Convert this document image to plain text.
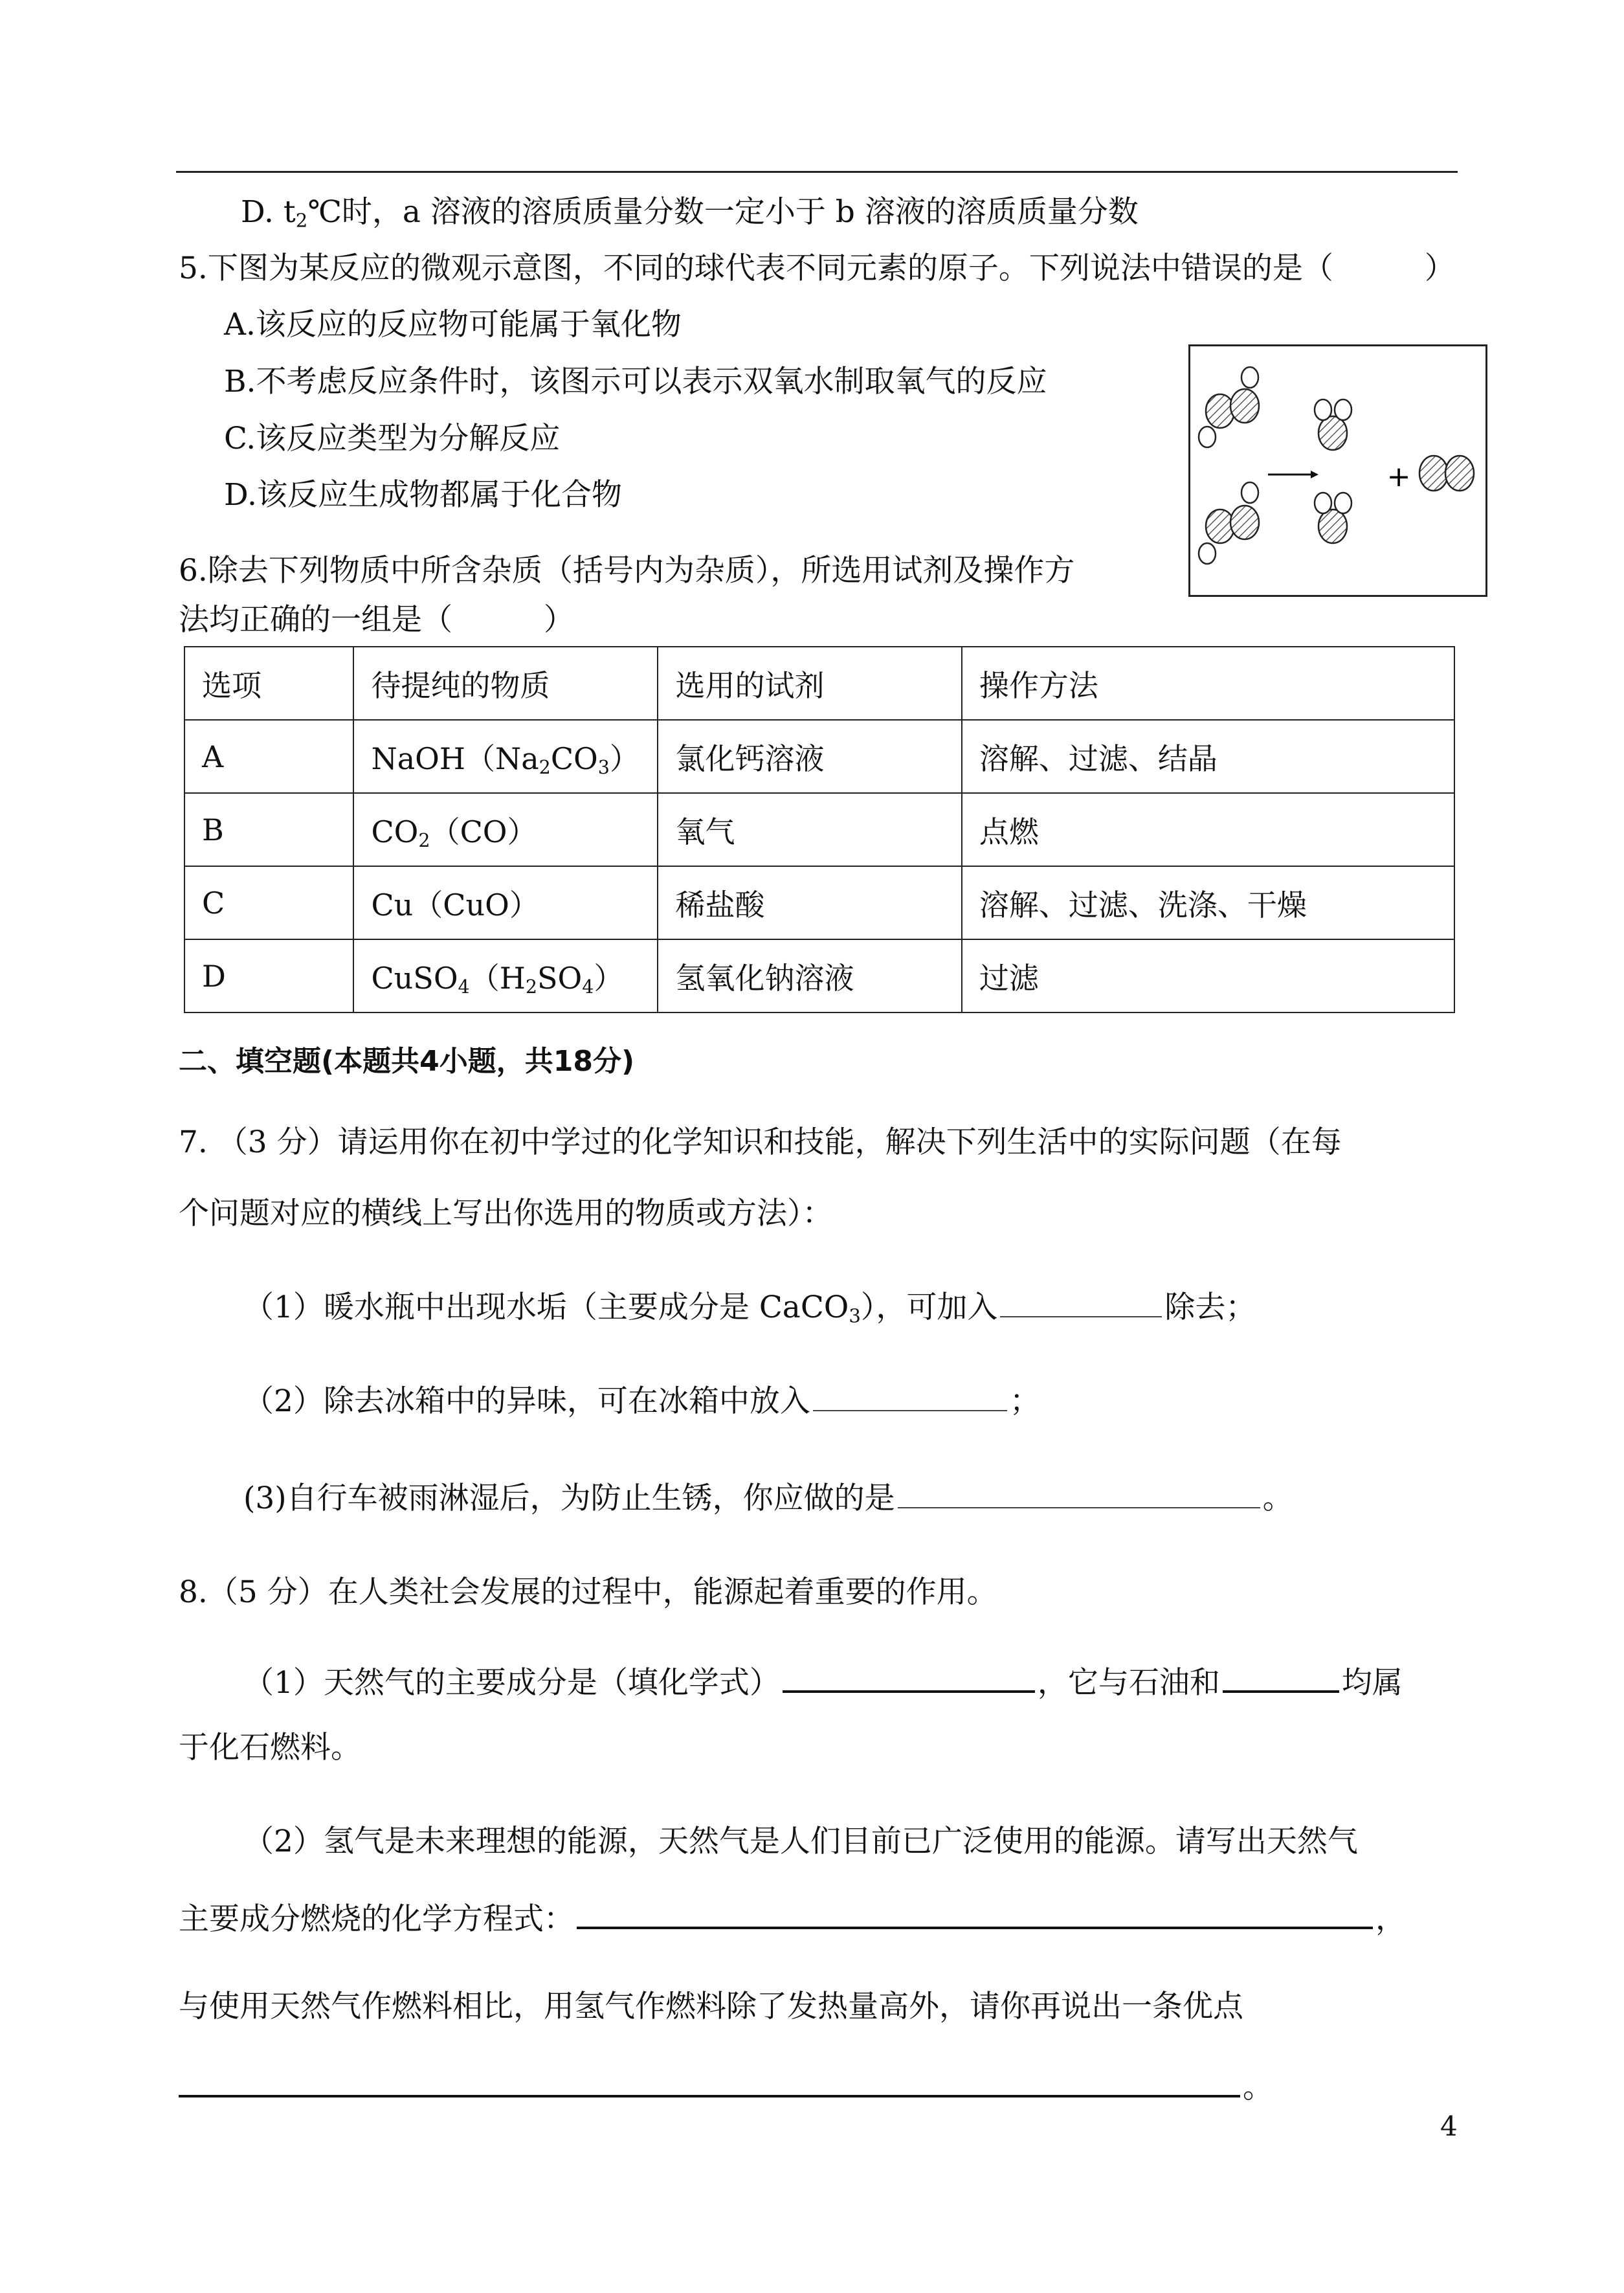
D. $t_2℃$时，a 溶液的溶质质量分数一定小于 b 溶液的溶质质量分数
5.下图为某反应的微观示意图，不同的球代表不同元素的原子。下列说法中错误的是（　　　）
A.该反应的反应物可能属于氧化物
B.不考虑反应条件时，该图示可以表示双氧水制取氧气的反应
C.该反应类型为分解反应
D.该反应生成物都属于化合物
+
6.除去下列物质中所含杂质（括号内为杂质），所选用试剂及操作方
法均正确的一组是（　　　）
选项	待提纯的物质	选用的试剂	操作方法
A	$NaOH(Na_2CO_3)$	氯化钙溶液	溶解、过滤、结晶
B	$CO_2(CO)$	氧气	点燃
C	Cu（CuO）	稀盐酸	溶解、过滤、洗涤、干燥
D	$CuSO_4(H_2SO_4)$	氢氧化钠溶液	过滤
二、填空题(本题共4小题，共18分)
7. （3 分）请运用你在初中学过的化学知识和技能，解决下列生活中的实际问题（在每
个问题对应的横线上写出你选用的物质或方法）：
（1）暖水瓶中出现水垢（主要成分是 CaCO$_3$），可加入	除去；
（2）除去冰箱中的异味，可在冰箱中放入	；
(3)自行车被雨淋湿后，为防止生锈，你应做的是	。
8.（5 分）在人类社会发展的过程中，能源起着重要的作用。
（1）天然气的主要成分是（填化学式）	，它与石油和	均属
于化石燃料。
（2）氢气是未来理想的能源，天然气是人们目前已广泛使用的能源。请写出天然气
主要成分燃烧的化学方程式：	，
与使用天然气作燃料相比，用氢气作燃料除了发热量高外，请你再说出一条优点
。
4
